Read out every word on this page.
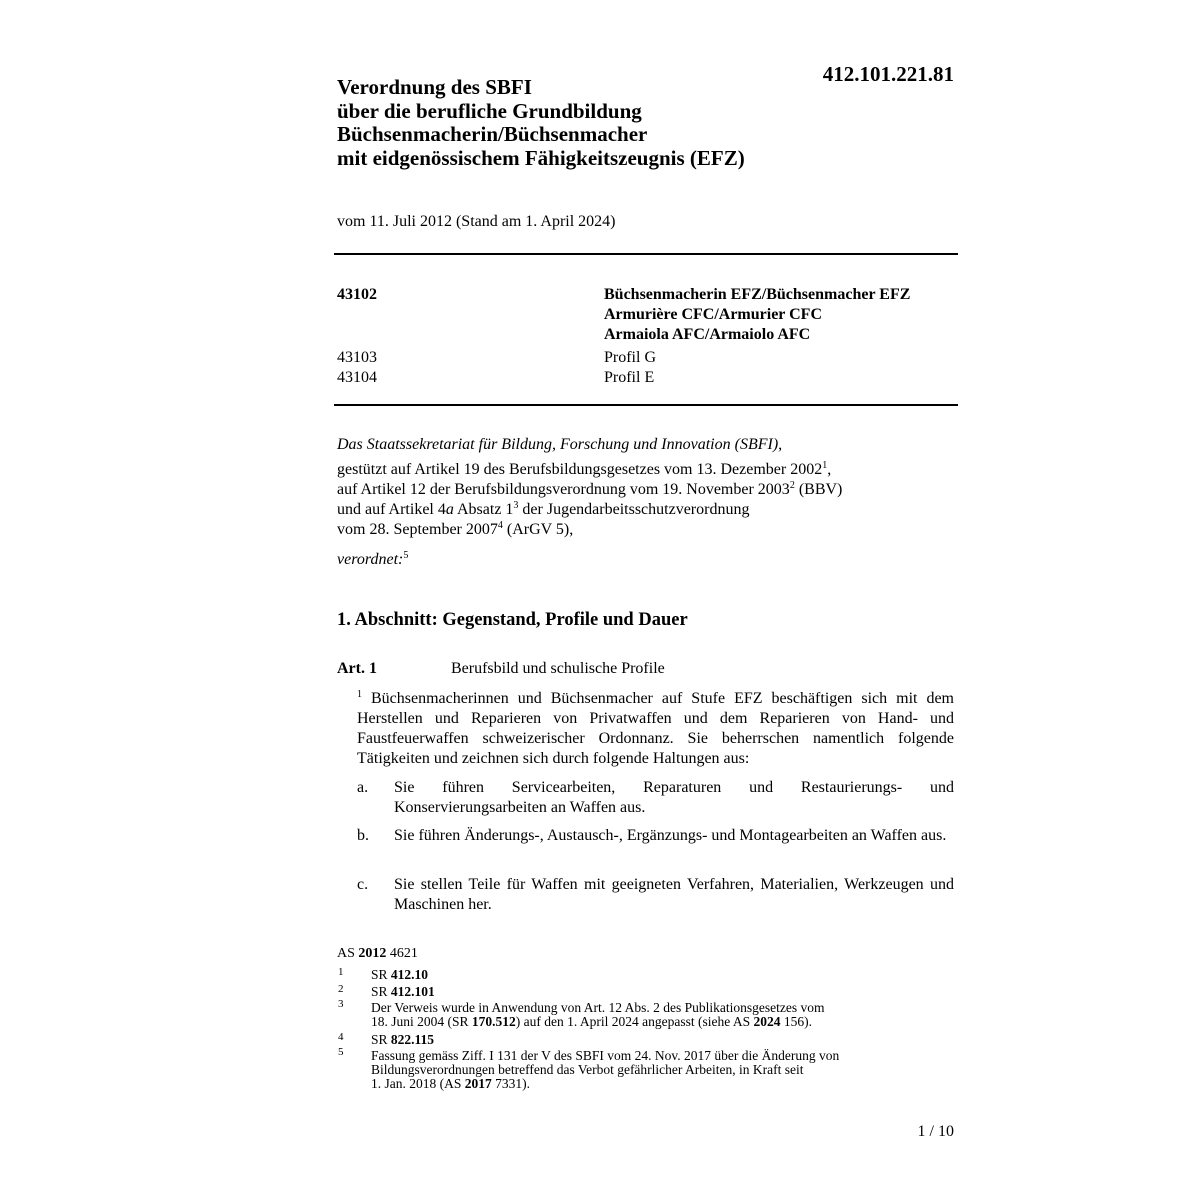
412.101.221.81
Verordnung des SBFI
über die berufliche Grundbildung
Büchsenmacherin/Büchsenmacher
mit eidgenössischem Fähigkeitszeugnis (EFZ)
vom 11. Juli 2012 (Stand am 1. April 2024)
43102	Büchsenmacherin EFZ/Büchsenmacher EFZ
Armurière CFC/Armurier CFC
Armaiola AFC/Armaiolo AFC
43103	Profil G
43104	Profil E
Das Staatssekretariat für Bildung, Forschung und Innovation (SBFI),
gestützt auf Artikel 19 des Berufsbildungsgesetzes vom 13. Dezember 2002$^1$,
auf Artikel 12 der Berufsbildungsverordnung vom 19. November 2003$^2$ (BBV)
und auf Artikel 4a Absatz $1^3$ der Jugendarbeitsschutzverordnung
vom 28. September 2007$^4$ (ArGV 5),
verordnet:$^5$
1. Abschnitt: Gegenstand, Profile und Dauer
Art. 1	Berufsbild und schulische Profile
$^1$ Büchsenmacherinnen und Büchsenmacher auf Stufe EFZ beschäftigen sich mit dem Herstellen und Reparieren von Privatwaffen und dem Reparieren von Hand- und Faustfeuerwaffen schweizerischer Ordonnanz. Sie beherrschen namentlich folgende Tätigkeiten und zeichnen sich durch folgende Haltungen aus:
a. Sie führen Servicearbeiten, Reparaturen und Restaurierungs- und Konservierungsarbeiten an Waffen aus.
b. Sie führen Änderungs-, Austausch-, Ergänzungs- und Montagearbeiten an Waffen aus.
c. Sie stellen Teile für Waffen mit geeigneten Verfahren, Materialien, Werkzeugen und Maschinen her.
AS 2012 4621
1 SR 412.10
2 SR 412.101
3 Der Verweis wurde in Anwendung von Art. 12 Abs. 2 des Publikationsgesetzes vom
18. Juni 2004 (SR 170.512) auf den 1. April 2024 angepasst (siehe AS 2024 156).
4 SR 822.115
5 Fassung gemäss Ziff. I 131 der V des SBFI vom 24. Nov. 2017 über die Änderung von
Bildungsverordnungen betreffend das Verbot gefährlicher Arbeiten, in Kraft seit
1. Jan. 2018 (AS 2017 7331).
1 / 10
